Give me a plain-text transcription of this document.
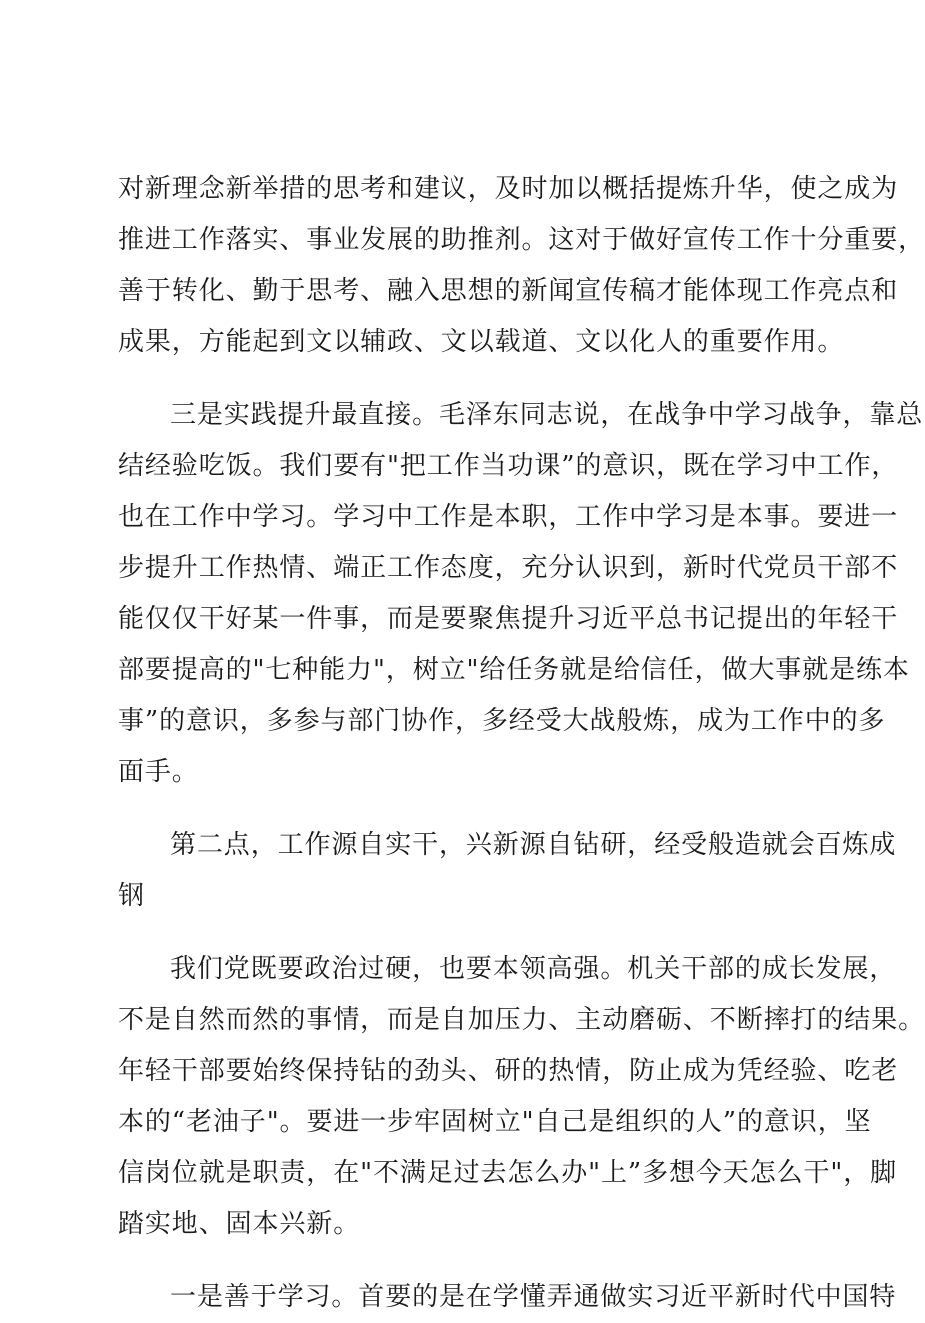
对新理念新举措的思考和建议，及时加以概括提炼升华，使之成为
推进工作落实、事业发展的助推剂。这对于做好宣传工作十分重要，
善于转化、勤于思考、融入思想的新闻宣传稿才能体现工作亮点和
成果，方能起到文以辅政、文以载道、文以化人的重要作用。
三是实践提升最直接。毛泽东同志说，在战争中学习战争，靠总
结经验吃饭。我们要有"把工作当功课”的意识，既在学习中工作，
也在工作中学习。学习中工作是本职，工作中学习是本事。要进一
步提升工作热情、端正工作态度，充分认识到，新时代党员干部不
能仅仅干好某一件事，而是要聚焦提升习近平总书记提出的年轻干
部要提高的"七种能力"，树立"给任务就是给信任，做大事就是练本
事”的意识，多参与部门协作，多经受大战般炼，成为工作中的多
面手。
第二点，工作源自实干，兴新源自钻研，经受般造就会百炼成
钢
我们党既要政治过硬，也要本领高强。机关干部的成长发展，
不是自然而然的事情，而是自加压力、主动磨砺、不断摔打的结果。
年轻干部要始终保持钻的劲头、研的热情，防止成为凭经验、吃老
本的“老油子"。要进一步牢固树立"自己是组织的人”的意识，坚
信岗位就是职责，在"不满足过去怎么办"上”多想今天怎么干"，脚
踏实地、固本兴新。
一是善于学习。首要的是在学懂弄通做实习近平新时代中国特
